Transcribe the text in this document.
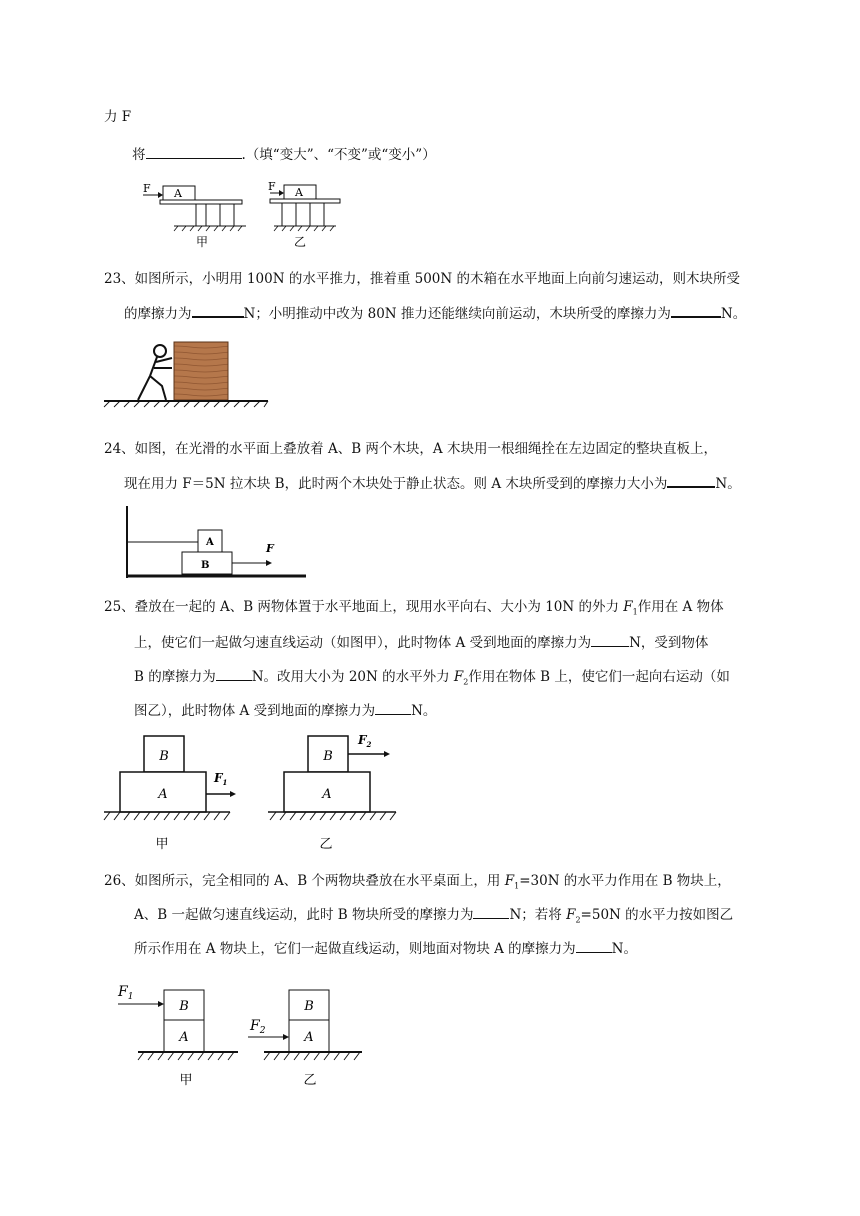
力 F
将	.（填“变大”、“不变”或“变小”）
F A
甲
F A
乙
23、如图所示，小明用 100N 的水平推力，推着重 500N 的木箱在水平地面上向前匀速运动，则木块所受
的摩擦力为	N；小明推动中改为 80N 推力还能继续向前运动，木块所受的摩擦力为	N。
24、如图，在光滑的水平面上叠放着 A、B 两个木块，A 木块用一根细绳拴在左边固定的整块直板上，
现在用力 F＝5N 拉木块 B，此时两个木块处于静止状态。则 A 木块所受到的摩擦力大小为	N。
A
B
F
25、叠放在一起的 A、B 两物体置于水平地面上，现用水平向右、大小为 10N 的外力 $F_1$作用在 A 物体
上，使它们一起做匀速直线运动（如图甲），此时物体 A 受到地面的摩擦力为	N，受到物体
B 的摩擦力为	N。改用大小为 20N 的水平外力 $F_2$作用在物体 B 上，使它们一起向右运动（如
图乙），此时物体 A 受到地面的摩擦力为	N。
B
A
$F_1$
甲
B
$F_2$
A
乙
26、如图所示，完全相同的 A、B 个两物块叠放在水平桌面上，用 $F_1=30N$ 的水平力作用在 B 物块上，
A、B 一起做匀速直线运动，此时 B 物块所受的摩擦力为	N；若将 $F_2=50N$ 的水平力按如图乙
所示作用在 A 物块上，它们一起做直线运动，则地面对物块 A 的摩擦力为	N。
$F_1$
B
A
甲
$F_2$
B
A
乙
